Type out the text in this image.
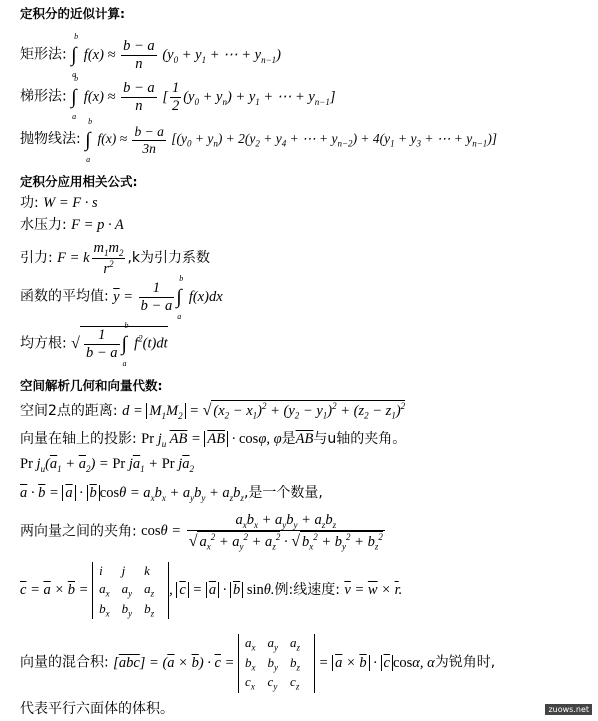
定积分的近似计算:
矩形法: ∫
b
a
$f(x) \approx \frac{b - a}{n} (y_0 + y_1$ + ⋯ + $y_{n-1}$)
梯形法: ∫
b
a
$f(x) \approx \frac{b - a}{n}$ [ $\frac{1}{2} (y_0 + y_n) + y_1$ + ⋯ + $y_{n-1}$]
抛物线法: ∫
b
a
$f(x) \approx \frac{b - a}{3n} [(y_0 + y_n) + 2(y_2 + y_4$ + ⋯ + $y_{n-2}) + 4(y_1 + y_3$ + ⋯ + $y_{n-1}$)]
定积分应用相关公式:
功: W = F · s
水压力: F = p · A
引力: F = k $\frac{m_1m_2}{r^2} ,k$为引力系数
函数的平均值: $\overline{y} = \frac{1}{b - a}$ ∫
b
a
f(x)dx
均方根: √ $\frac{1}{b - a}$ ∫
b
a
$f^2(t)dt$
空间解析几何和向量代数:
空间2点的距离: $d = M_1M_2$ = √ $(x_2 - x_1)^2 + (y_2 - y_1)^2 + (z_2 - z_1)^2$
向量在轴上的投影: Pr $j_u$ $\overline{AB} = \overline{AB} \cdot \cos\varphi$, φ是$\overline{AB}$与u轴的夹角。
Pr $j_u(\overline{a}_1 + \overline{a}_2) = Pr$ $j\overline{a}_1 + Pr$ $j\overline{a}_2$
$\overline{a} \cdot \overline{b} = \overline{a} \cdot \overline{b}$ $\cos\theta = a_xb_x + a_yb_y + a_zb_z$,是一个数量,
两向量之间的夹角: $\cos\theta = \frac{a_xb_x + a_yb_y + a_zb_z}{√ a_x^2 + a_y^2 + a_z^2 \cdot √ b_x^2 + b_y^2 + b_z^2}$
$\overline{c} = \overline{a} \times \overline{b}$ =
i	j	k
$a_x$	$a_y$	$a_z$
$b_x$	$b_y$	$b_z$
, $\overline{c} = \overline{a} \cdot \overline{b}$ sinθ.例:线速度: $\overline{v} = \overline{w} \times \overline{r}$.
向量的混合积: $[\overline{a}\overline{b}\overline{c}] = (\overline{a} \times \overline{b}) \cdot \overline{c}$ =
$a_x$	$a_y$	$a_z$
$b_x$	$b_y$	$b_z$
$c_x$	$c_y$	$c_z$
= $\overline{a} \times \overline{b} \cdot \overline{c}$ cosα, α为锐角时,
代表平行六面体的体积。	zuows.net
